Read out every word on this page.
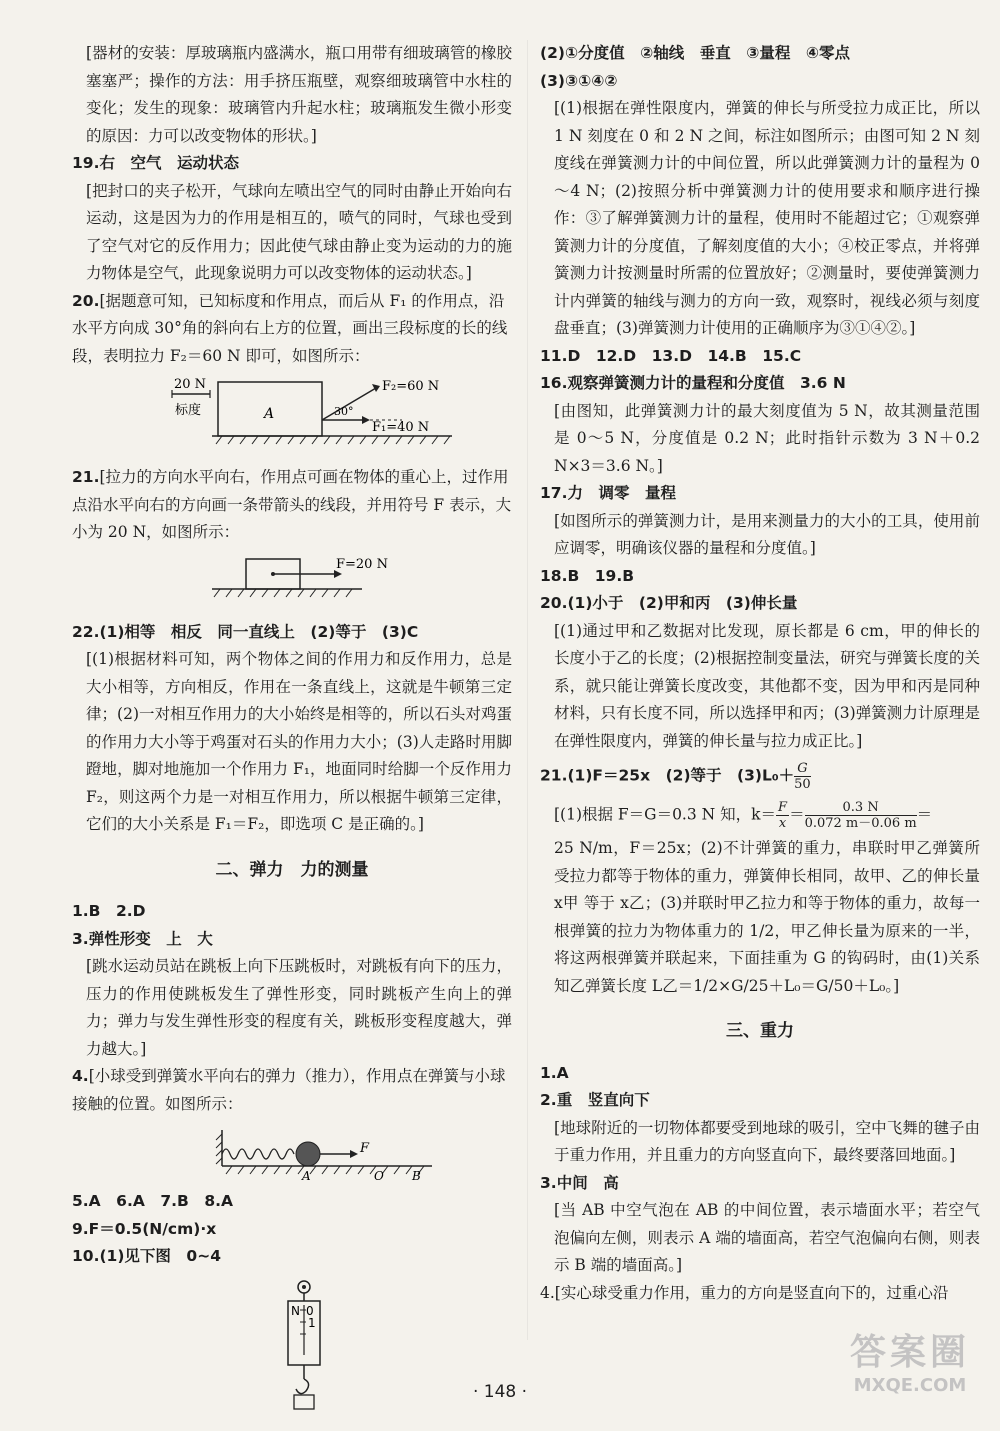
[器材的安装：厚玻璃瓶内盛满水，瓶口用带有细玻璃管的橡胶塞塞严；操作的方法：用手挤压瓶壁，观察细玻璃管中水柱的变化；发生的现象：玻璃管内升起水柱；玻璃瓶发生微小形变的原因：力可以改变物体的形状。]

19.右　空气　运动状态

[把封口的夹子松开，气球向左喷出空气的同时由静止开始向右运动，这是因为力的作用是相互的，喷气的同时，气球也受到了空气对它的反作用力；因此使气球由静止变为运动的力的施力物体是空气，此现象说明力可以改变物体的运动状态。]

20.[据题意可知，已知标度和作用点，而后从 F₁ 的作用点，沿水平方向成 30°角的斜向右上方的位置，画出三段标度的长的线段，表明拉力 F₂＝60 N 即可，如图所示：

20 N
标度	A	30°
F₂=60 N
F₁=40 N

21.[拉力的方向水平向右，作用点可画在物体的重心上，过作用点沿水平向右的方向画一条带箭头的线段，并用符号 F 表示，大小为 20 N，如图所示：

F=20 N

22.(1)相等　相反　同一直线上　(2)等于　(3)C

[(1)根据材料可知，两个物体之间的作用力和反作用力，总是大小相等，方向相反，作用在一条直线上，这就是牛顿第三定律；(2)一对相互作用力的大小始终是相等的，所以石头对鸡蛋的作用力大小等于鸡蛋对石头的作用力大小；(3)人走路时用脚蹬地，脚对地施加一个作用力 F₁，地面同时给脚一个反作用力 F₂，则这两个力是一对相互作用力，所以根据牛顿第三定律，它们的大小关系是 F₁＝F₂，即选项 C 是正确的。]

二、弹力　力的测量

1.B　2.D

3.弹性形变　上　大

[跳水运动员站在跳板上向下压跳板时，对跳板有向下的压力，压力的作用使跳板发生了弹性形变，同时跳板产生向上的弹力；弹力与发生弹性形变的程度有关，跳板形变程度越大，弹力越大。]

4.[小球受到弹簧水平向右的弹力（推力），作用点在弹簧与小球接触的位置。如图所示：

F
A	O B

5.A　6.A　7.B　8.A

9.F＝0.5(N/cm)·x

10.(1)见下图　0~4

N 0
1

(2)①分度值　②轴线　垂直　③量程　④零点

(3)③①④②

[(1)根据在弹性限度内，弹簧的伸长与所受拉力成正比，所以 1 N 刻度在 0 和 2 N 之间，标注如图所示；由图可知 2 N 刻度线在弹簧测力计的中间位置，所以此弹簧测力计的量程为 0～4 N；(2)按照分析中弹簧测力计的使用要求和顺序进行操作：③了解弹簧测力计的量程，使用时不能超过它；①观察弹簧测力计的分度值，了解刻度值的大小；④校正零点，并将弹簧测力计按测量时所需的位置放好；②测量时，要使弹簧测力计内弹簧的轴线与测力的方向一致，观察时，视线必须与刻度盘垂直；(3)弹簧测力计使用的正确顺序为③①④②。]

11.D　12.D　13.D　14.B　15.C

16.观察弹簧测力计的量程和分度值　3.6 N

[由图知，此弹簧测力计的最大刻度值为 5 N，故其测量范围是 0～5 N，分度值是 0.2 N；此时指针示数为 3 N＋0.2 N×3＝3.6 N。]

17.力　调零　量程

[如图所示的弹簧测力计，是用来测量力的大小的工具，使用前应调零，明确该仪器的量程和分度值。]

18.B　19.B

20.(1)小于　(2)甲和丙　(3)伸长量

[(1)通过甲和乙数据对比发现，原长都是 6 cm，甲的伸长的长度小于乙的长度；(2)根据控制变量法，研究与弹簧长度的关系，就只能让弹簧长度改变，其他都不变，因为甲和丙是同种材料，只有长度不同，所以选择甲和丙；(3)弹簧测力计原理是在弹性限度内，弹簧的伸长量与拉力成正比。]

21.(1)F＝25x　(2)等于　$(3)L_0+ \frac{G}{50}$

[(1)根据 F＝G＝0.3 N 知，$k= \frac{F}{x} = \frac{0.3 N}{0.072 m-0.06 m}$ ＝

25 N/m，F＝25x；(2)不计弹簧的重力，串联时甲乙弹簧所受拉力都等于物体的重力，弹簧伸长相同，故甲、乙的伸长量 x甲 等于 x乙；(3)并联时甲乙拉力和等于物体的重力，故每一根弹簧的拉力为物体重力的 1/2，甲乙伸长量为原来的一半，将这两根弹簧并联起来，下面挂重为 G 的钩码时，由(1)关系知乙弹簧长度 L乙＝1/2×G/25＋L₀＝G/50＋L₀。]

三、重力

1.A

2.重　竖直向下

[地球附近的一切物体都要受到地球的吸引，空中飞舞的毽子由于重力作用，并且重力的方向竖直向下，最终要落回地面。]

3.中间　高

[当 AB 中空气泡在 AB 的中间位置，表示墙面水平；若空气泡偏向左侧，则表示 A 端的墙面高，若空气泡偏向右侧，则表示 B 端的墙面高。]

4.[实心球受重力作用，重力的方向是竖直向下的，过重心沿

· 148 ·
答案圈
MXQE.COM
